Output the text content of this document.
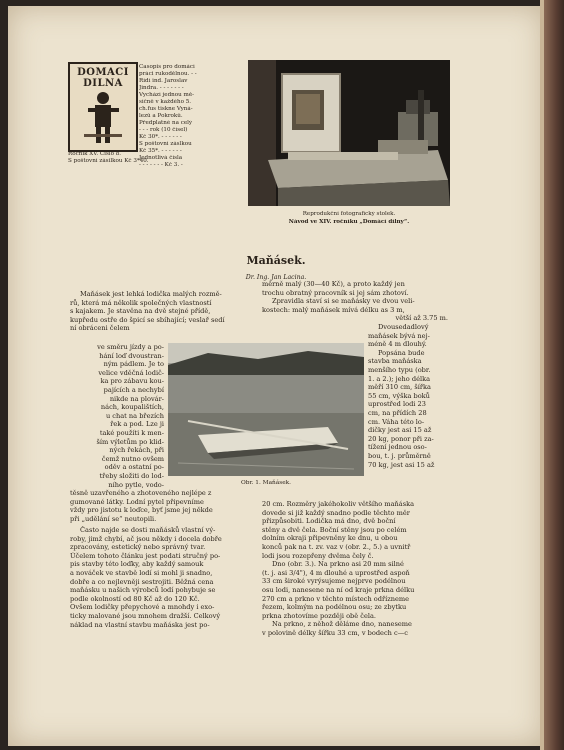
DOMÁCÍ
DÍLNA
Časopis pro domácí
práci rukodělnou. - -
Řídí ind. Jaroslav
Jindra. - - - - - - -
Vychází jednou mě-
síčně v každého 5.
ch.fus tiskne Vyná-
lezů a Pokroků.
Předplatné na celý
- - - rok (10 čísel)
Kč 30*. - - - - - -
S poštovní záslkou
Kč 35*. - - - - - -
Jednotlivá čísla
- - - - - - - Kč 3. -
Ročník XV. Číslo 8.
S poštovní zásilkou Kč 3*40.
Reprodukční fotografický stolek.
Návod ve XIV. ročníku „Domácí dílny“.
Maňásek.
Dr. Ing. Jan Lacina.
Maňásek jest lehká lodička malých rozmě-
rů, která má několik společných vlastností
s kajakem. Je stavěna na dvě stejné přídě,
kupředu ostře do špicí se sbíhající; veslař sedí
ní obráceni čelem
měrně malý (30—40 Kč), a proto každý jen
trochu obratný pracovník si jej sám zhotoví.
Zpravidla staví si se maňásky ve dvou veli-
kostech: malý maňásek mívá délku as 3 m,
větší až 3.75 m.
Obr. 1. Maňásek.
ve směru jízdy a po-
hání loď dvoustran-
ným pádlem. Je to
velice vděčná lodič-
ka pro zábavu kou-
pajících a nechybí
nikde na plovár-
nách, koupalištích,
u chat na březích
řek a pod. Lze ji
také použíti k men-
ším výletům po klid-
ných řekách, při
čemž nutno ovšem
oděv a ostatní po-
třeby složiti do lod-
ního pytle, vodo-
těsně uzavřeného a zhotoveného nejlépe z
gumované látky. Lodní pytel připevníme
vždy pro jistotu k loďce, byť jsme jej někde
při „udělání se“ neutopili.
Dvousedadlový
maňásek bývá nej-
méně 4 m dlouhý.
Popsána bude
stavba maňáska
menšího typu (obr.
1. a 2.); jeho délka
měří 310 cm, šířka
55 cm, výška boků
uprostřed lodi 23
cm, na přídích 28
cm. Váha této lo-
dičky jest asi 15 až
20 kg, ponor při za-
tížení jednou oso-
bou, t. j. průměrně
70 kg, jest asi 15 až
Často najde se dosti maňásků vlastní vý-
roby, jimž chybí, ač jsou někdy i docela dobře
zpracovány, estetický nebo správný tvar.
Účelem tohoto článku jest podati stručný po-
pis stavby této loďky, aby každý samouk
a nováček ve stavbě lodí si mohl ji snadno,
dobře a co nejlevněji sestrojiti. Běžná cena
maňásku u našich výrobců lodí pohybuje se
podle okolností od 80 Kč až do 120 Kč.
Ovšem lodičky přepychové a mnohdy i exo-
ticky malované jsou mnohem dražší. Celkový
náklad na vlastní stavbu maňáska jest po-
20 cm. Rozměry jakéhokoliv většího maňáska
dovede si již každý snadno podle těchto měr
přizpůsobiti. Lodička má dno, dvě boční
stěny a dvě čela. Boční stěny jsou po celém
dolním okraji připevněny ke dnu, u obou
konců pak na t. zv. vaz v (obr. 2., 5.) a uvnitř
lodi jsou rozepřeny dvěma čely č.
Dno (obr. 3.). Na prkno asi 20 mm silné
(t. j. asi 3/4"), 4 m dlouhé a uprostřed aspoň
33 cm široké vyrýsujeme nejprve podélnou
osu lodi, nanesene na ní od kraje prkna délku
270 cm a prkno v těchto místech odřízneme
řezem, kolmým na podélnou osu; ze zbytku
prkna zhotovíme později obě čela.
Na prkno, z něhož děláme dno, naneseme
v polovině délky šířku 33 cm, v bodech c—c
